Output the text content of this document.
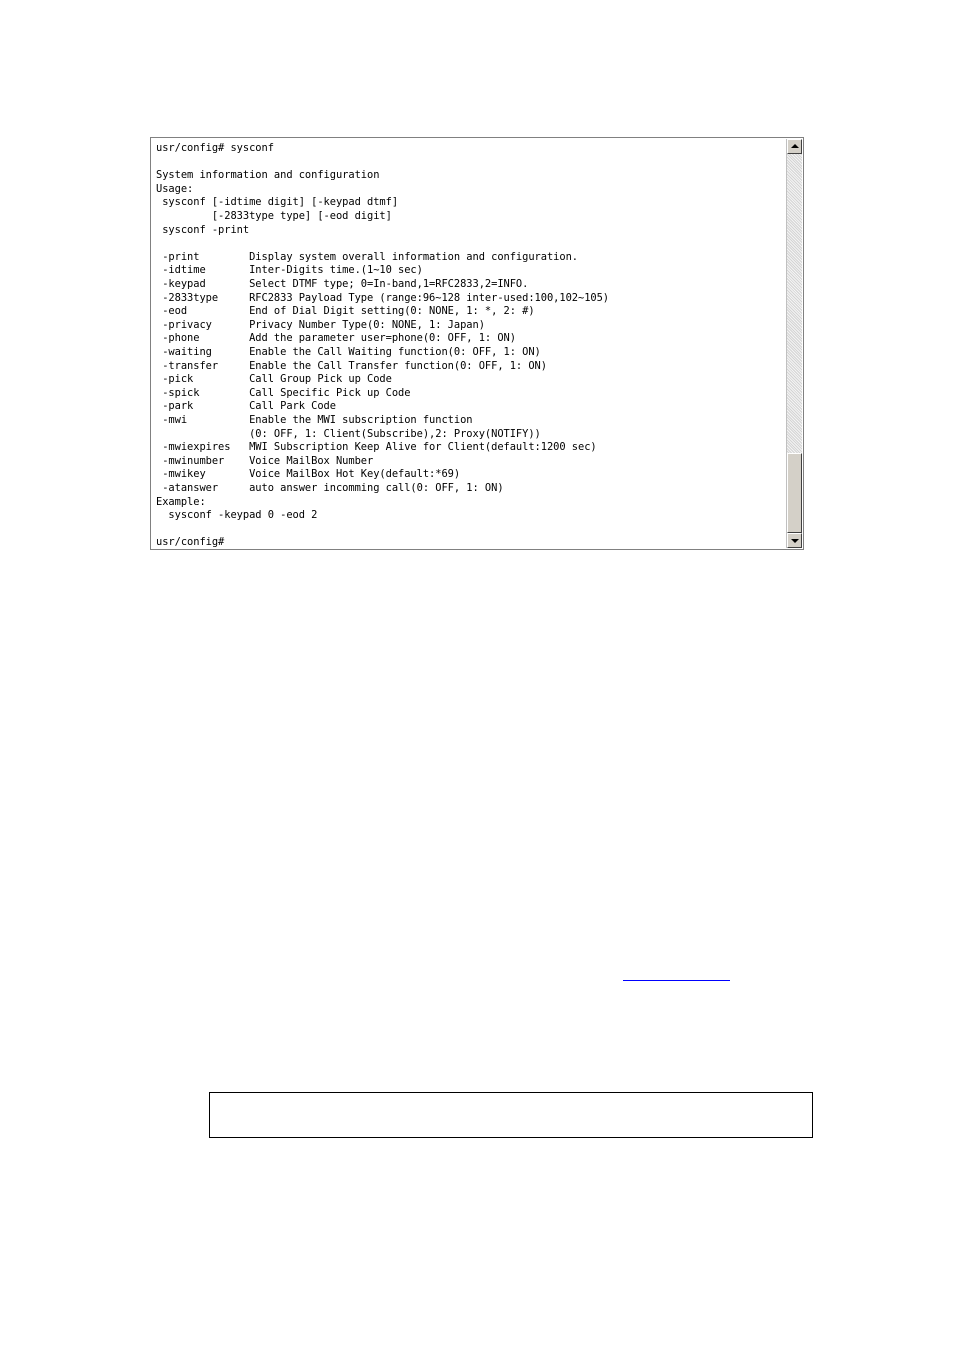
usr/config# sysconf
System information and configuration
Usage:
sysconf [-idtime digit] [-keypad dtmf]
[-2833type type] [-eod digit]
sysconf -print
-print        Display system overall information and configuration.
-idtime       Inter-Digits time.(1~10 sec)
-keypad       Select DTMF type; 0=In-band,1=RFC2833,2=INFO.
-2833type     RFC2833 Payload Type (range:96~128 inter-used:100,102~105)
-eod          End of Dial Digit setting(0: NONE, 1: *, 2: #)
-privacy      Privacy Number Type(0: NONE, 1: Japan)
-phone        Add the parameter user=phone(0: OFF, 1: ON)
-waiting      Enable the Call Waiting function(0: OFF, 1: ON)
-transfer     Enable the Call Transfer function(0: OFF, 1: ON)
-pick         Call Group Pick up Code
-spick        Call Specific Pick up Code
-park         Call Park Code
-mwi          Enable the MWI subscription function
(0: OFF, 1: Client(Subscribe),2: Proxy(NOTIFY))
-mwiexpires   MWI Subscription Keep Alive for Client(default:1200 sec)
-mwinumber    Voice MailBox Number
-mwikey       Voice MailBox Hot Key(default:*69)
-atanswer     auto answer incomming call(0: OFF, 1: ON)
Example:
sysconf -keypad 0 -eod 2
usr/config#
